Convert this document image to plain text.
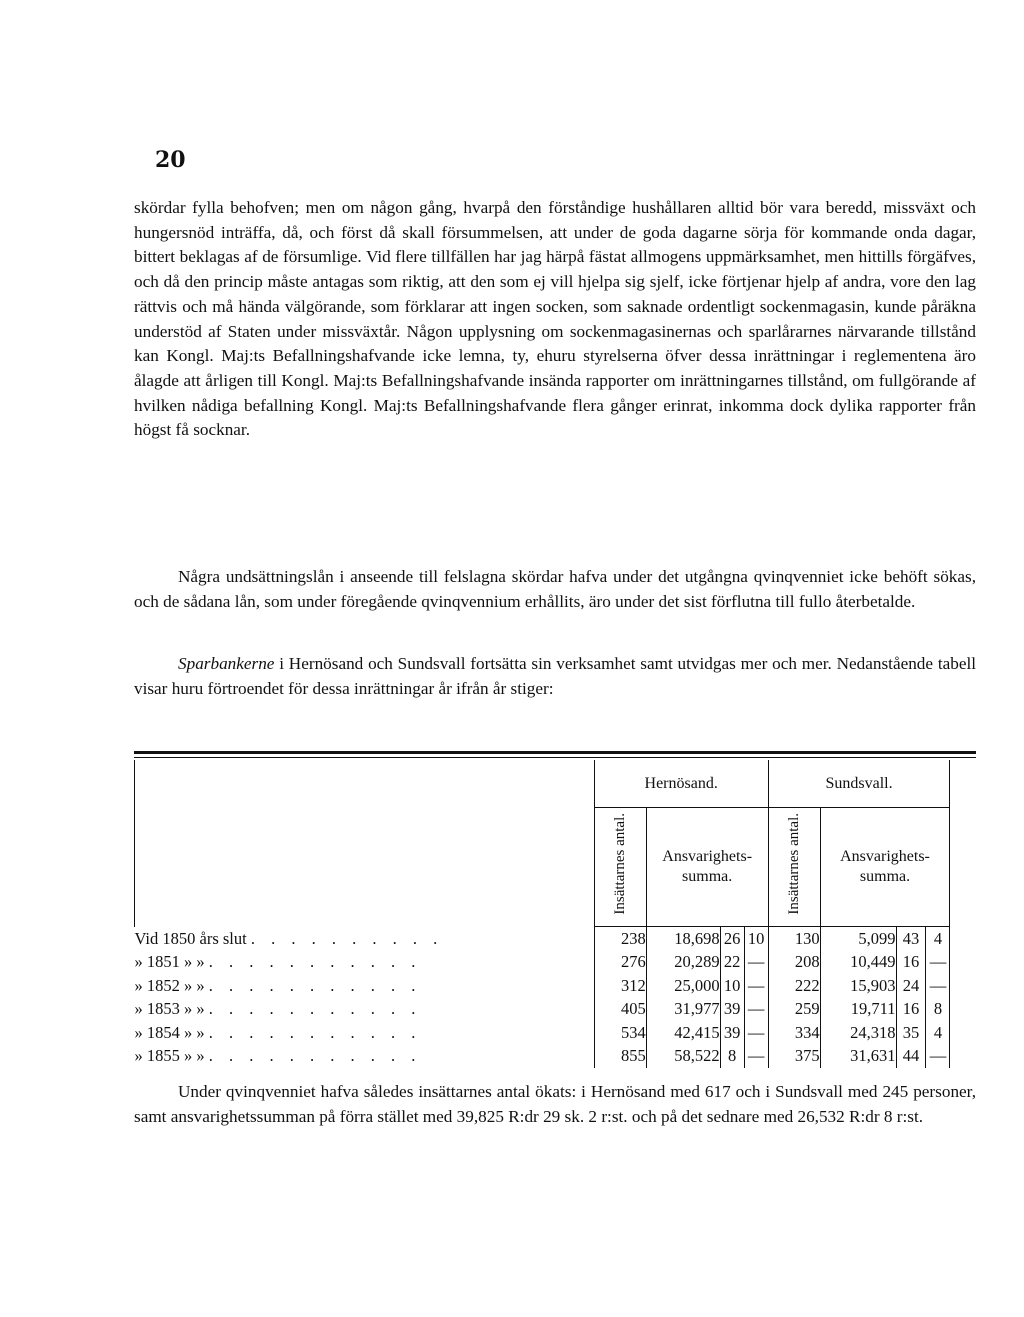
20

skördar fylla behofven; men om någon gång, hvarpå den förståndige hushållaren alltid bör vara beredd, missväxt och hungersnöd inträffa, då, och först då skall försummelsen, att under de goda dagarne sörja för kommande onda dagar, bittert beklagas af de försumlige. Vid flere tillfällen har jag härpå fästat allmogens uppmärksamhet, men hittills förgäfves, och då den princip måste antagas som riktig, att den som ej vill hjelpa sig sjelf, icke förtjenar hjelp af andra, vore den lag rättvis och må hända välgörande, som förklarar att ingen socken, som saknade ordentligt sockenmagasin, kunde påräkna understöd af Staten under missväxtår. Någon upplysning om sockenmagasinernas och sparlårarnes närvarande tillstånd kan Kongl. Maj:ts Befallningshafvande icke lemna, ty, ehuru styrelserna öfver dessa inrättningar i reglementena äro ålagde att årligen till Kongl. Maj:ts Befallningshafvande insända rapporter om inrättningarnes tillstånd, om fullgörande af hvilken nådiga befallning Kongl. Maj:ts Befallningshafvande flera gånger erinrat, inkomma dock dylika rapporter från högst få socknar.

Några undsättningslån i anseende till felslagna skördar hafva under det utgångna qvinqvenniet icke behöft sökas, och de sådana lån, som under föregående qvinqvennium erhållits, äro under det sist förflutna till fullo återbetalde.

Sparbankerne i Hernösand och Sundsvall fortsätta sin verksamhet samt utvidgas mer och mer. Nedanstående tabell visar huru förtroendet för dessa inrättningar år ifrån år stiger:

	Hernösand.				Sundsvall.				
	Insättarnes antal.	Ansvarighets-summa.			Insättarnes antal.	Ansvarighets-summa.			
Vid 1850 års slut . . . . . . . . . .	238	18,698	26	10	130	5,099	43	4	
» 1851 » » . . . . . . . . . . .	276	20,289	22	—	208	10,449	16	—	
» 1852 » » . . . . . . . . . . .	312	25,000	10	—	222	15,903	24	—	
» 1853 » » . . . . . . . . . . .	405	31,977	39	—	259	19,711	16	8	
» 1854 » » . . . . . . . . . . .	534	42,415	39	—	334	24,318	35	4	
» 1855 » » . . . . . . . . . . .	855	58,522	8	—	375	31,631	44	—	

Under qvinqvenniet hafva således insättarnes antal ökats: i Hernösand med 617 och i Sundsvall med 245 personer, samt ansvarighetssumman på förra stället med 39,825 R:dr 29 sk. 2 r:st. och på det sednare med 26,532 R:dr 8 r:st.
